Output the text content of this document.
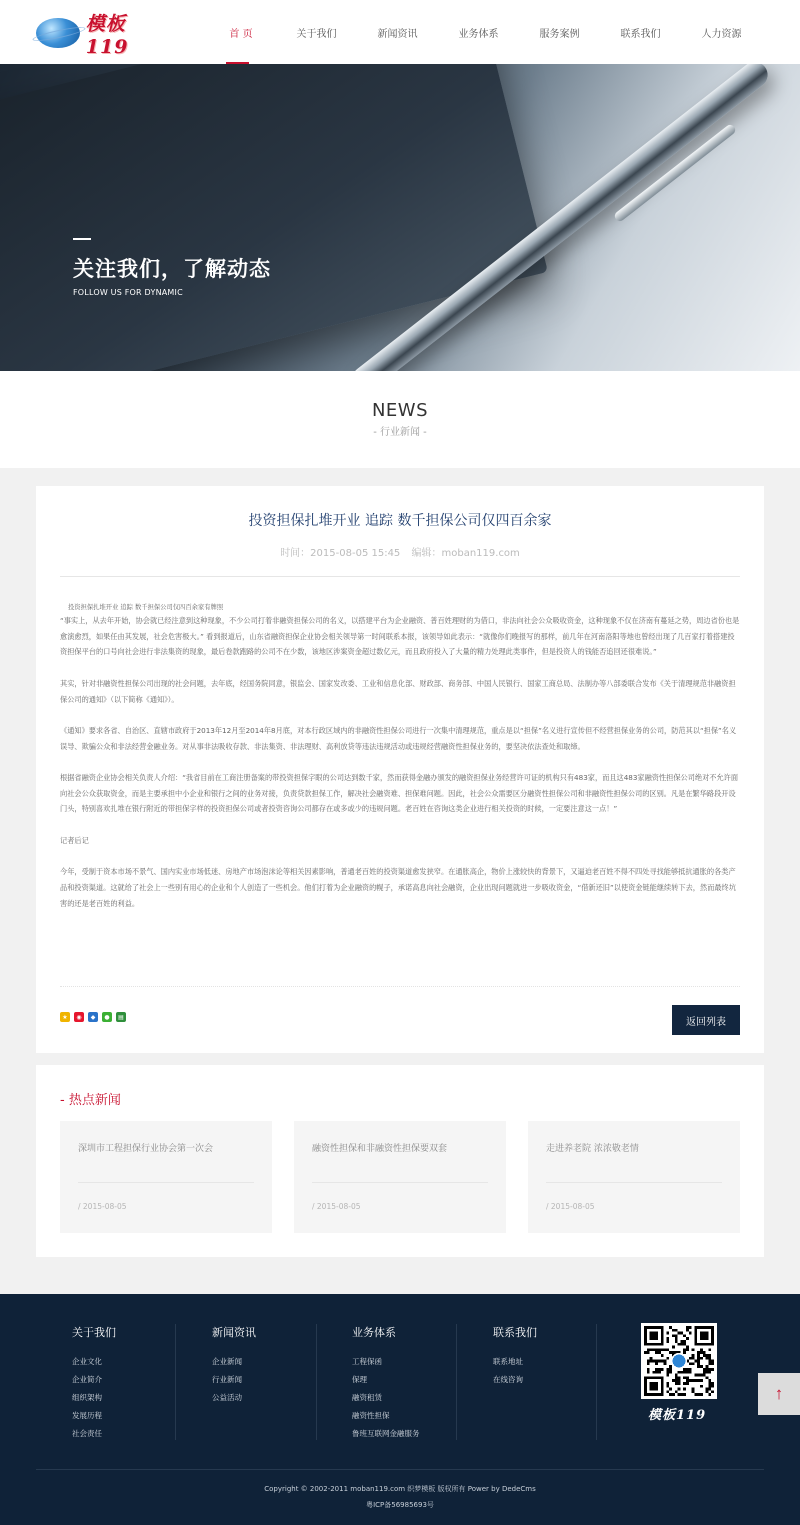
模板119
首 页	关于我们	新闻资讯	业务体系	服务案例	联系我们	人力资源
关注我们，了解动态
FOLLOW US FOR DYNAMIC
NEWS
- 行业新闻 -
投资担保扎堆开业 追踪 数千担保公司仅四百余家
时间：2015-08-05 15:45 编辑：moban119.com

投资担保扎堆开业 追踪 数千担保公司仅四百余家有牌照

“事实上，从去年开始，协会就已经注意到这种现象，不少公司打着非融资担保公司的名义，以搭建平台为企业融资、普百姓理财的为借口，非法向社会公众吸收资金，这种现象不仅在济南有蔓延之势，周边省份也是愈演愈烈，如果任由其发展，社会危害极大。” 看到报道后，山东省融资担保企业协会相关领导第一时间联系本报，该领导如此表示：“就像你们晚报写的那样，前几年在河南洛阳等地也曾经出现了几百家打着搭建投资担保平台的口号向社会进行非法集资的现象，最后卷款跑路的公司不在少数，该地区涉案资金超过数亿元，而且政府投入了大量的精力处理此类事件，但是投资人的钱能否追回还很难说。”

其实，针对非融资性担保公司出现的社会问题，去年底，经国务院同意，银监会、国家发改委、工业和信息化部、财政部、商务部、中国人民银行、国家工商总局、法制办等八部委联合发布《关于清理规范非融资担保公司的通知》（以下简称《通知》）。

《通知》要求各省、自治区、直辖市政府于2013年12月至2014年8月底，对本行政区域内的非融资性担保公司进行一次集中清理规范，重点是以“担保”名义进行宣传但不经营担保业务的公司，防范其以“担保”名义误导、欺骗公众和非法经营金融业务。对从事非法吸收存款、非法集资、非法理财、高利放贷等违法违规活动或违规经营融资性担保业务的，要坚决依法查处和取缔。

根据省融资企业协会相关负责人介绍：“我省目前在工商注册备案的带投资担保字眼的公司达到数千家，然而获得金融办颁发的融资担保业务经营许可证的机构只有483家，而且这483家融资性担保公司绝对不允许面向社会公众获取资金，而是主要承担中小企业和银行之间的业务对接，负责贷款担保工作，解决社会融资难、担保难问题。因此，社会公众需要区分融资性担保公司和非融资性担保公司的区别。凡是在繁华路段开设门头，特别喜欢扎堆在银行附近的带担保字样的投资担保公司或者投资咨询公司都存在或多或少的违规问题。老百姓在咨询这类企业进行相关投资的时候，一定要注意这一点！”

记者后记

今年，受制于资本市场不景气、国内实业市场低迷、房地产市场泡沫论等相关因素影响，普通老百姓的投资渠道愈发狭窄。在通胀高企，物价上涨较快的背景下，又逼迫老百姓不得不四处寻找能够抵抗通胀的各类产品和投资渠道。这就给了社会上一些别有用心的企业和个人创造了一些机会。他们打着为企业融资的幌子，承诺高息向社会融资，企业出现问题就进一步吸收资金，“借新还旧”以使资金链能继续转下去，然而最终坑害的还是老百姓的利益。

★	◉	◆	●	▤	返回列表
- 热点新闻
深圳市工程担保行业协会第一次会
/ 2015-08-05
融资性担保和非融资性担保要双套
/ 2015-08-05
走进养老院 浓浓敬老情
/ 2015-08-05
关于我们
企业文化
企业简介
组织架构
发展历程
社会责任
新闻资讯
企业新闻
行业新闻
公益活动
业务体系
工程保函
保理
融资租赁
融资性担保
鲁班互联网金融服务
联系我们
联系地址
在线咨询
模板119
Copyright © 2002-2011 moban119.com 织梦模板 版权所有 Power by DedeCms
粤ICP备56985693号
↑
